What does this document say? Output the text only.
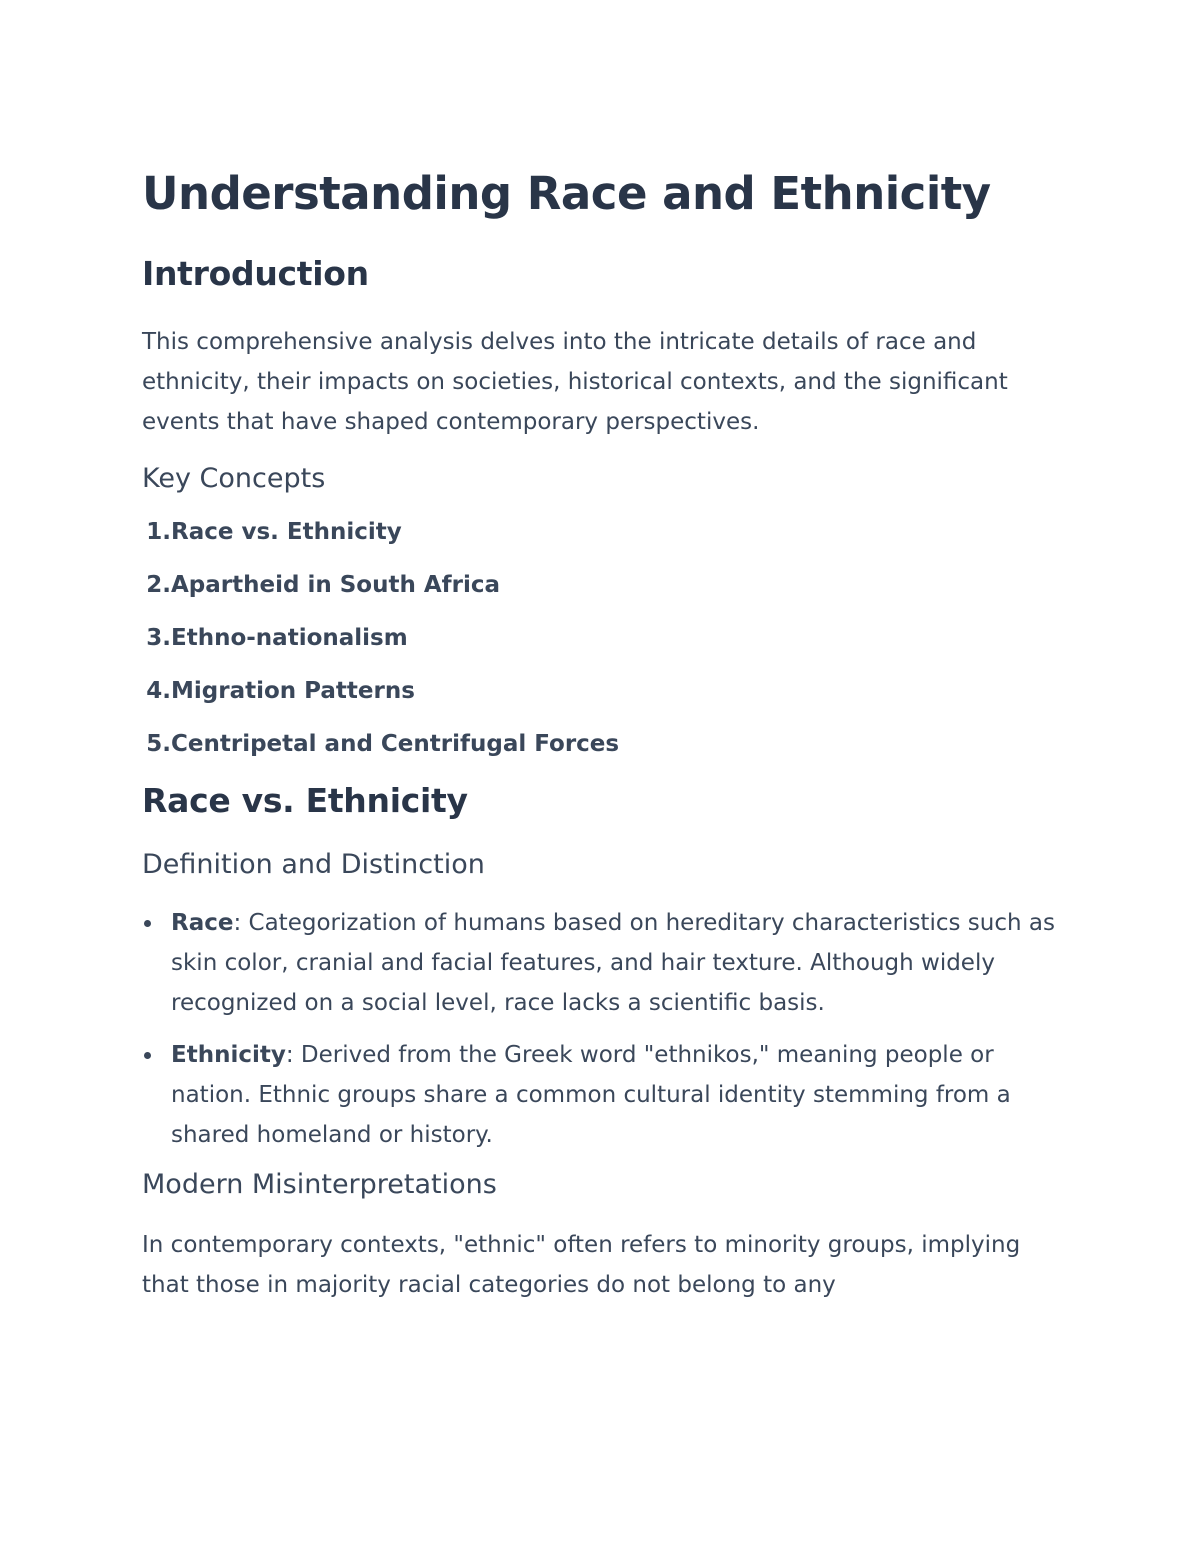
Understanding Race and Ethnicity
Introduction

This comprehensive analysis delves into the intricate details of race and ethnicity, their impacts on societies, historical contexts, and the significant events that have shaped contemporary perspectives.

Key Concepts
1. Race vs. Ethnicity
2. Apartheid in South Africa
3. Ethno-nationalism
4. Migration Patterns
5. Centripetal and Centrifugal Forces
Race vs. Ethnicity
Definition and Distinction
Race: Categorization of humans based on hereditary characteristics such as skin color, cranial and facial features, and hair texture. Although widely recognized on a social level, race lacks a scientific basis.
Ethnicity: Derived from the Greek word "ethnikos," meaning people or nation. Ethnic groups share a common cultural identity stemming from a shared homeland or history.
Modern Misinterpretations

In contemporary contexts, "ethnic" often refers to minority groups, implying that those in majority racial categories do not belong to any
